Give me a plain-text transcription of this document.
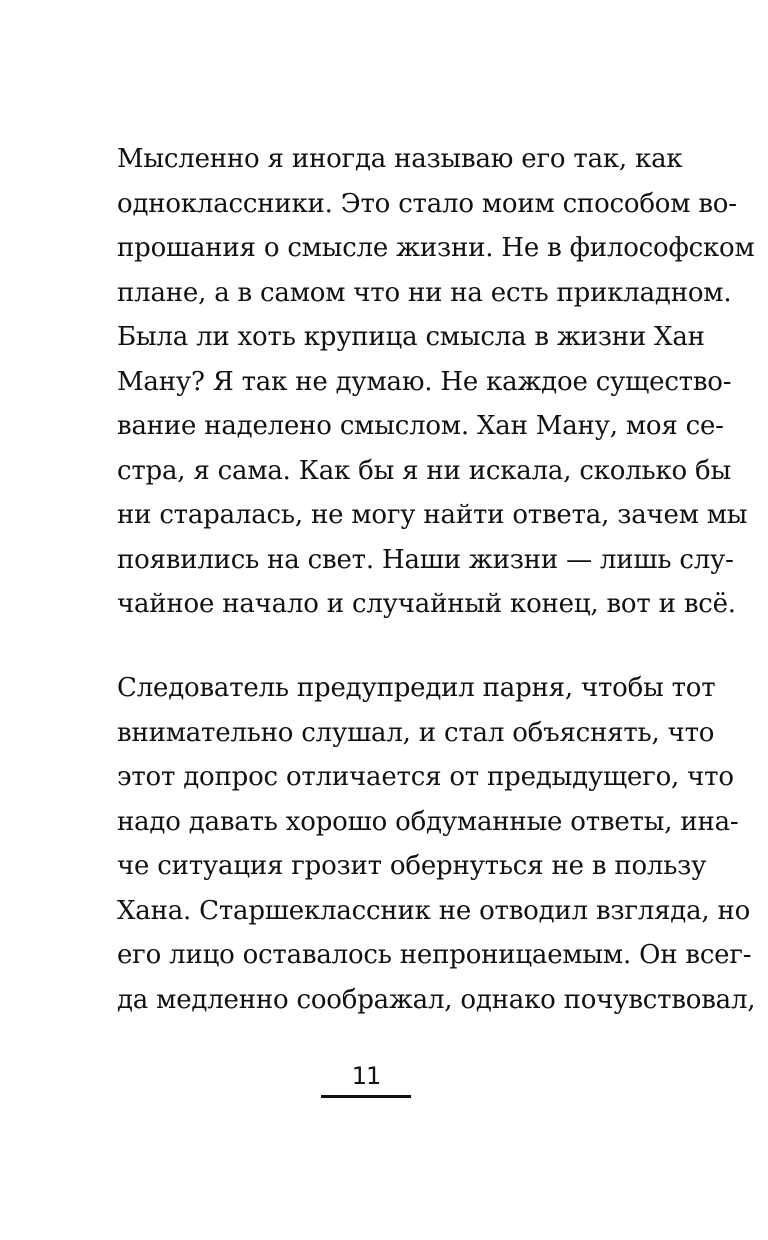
Мысленно я иногда называю его так, как
одноклассники. Это стало моим способом во-
прошания о смысле жизни. Не в философском
плане, а в самом что ни на есть прикладном.
Была ли хоть крупица смысла в жизни Хан
Ману? Я так не думаю. Не каждое существо-
вание наделено смыслом. Хан Ману, моя се-
стра, я сама. Как бы я ни искала, сколько бы
ни старалась, не могу найти ответа, зачем мы
появились на свет. Наши жизни — лишь слу-
чайное начало и случайный конец, вот и всё.
Следователь предупредил парня, чтобы тот
внимательно слушал, и стал объяснять, что
этот допрос отличается от предыдущего, что
надо давать хорошо обдуманные ответы, ина-
че ситуация грозит обернуться не в пользу
Хана. Старшеклассник не отводил взгляда, но
его лицо оставалось непроницаемым. Он всег-
да медленно соображал, однако почувствовал,
11
